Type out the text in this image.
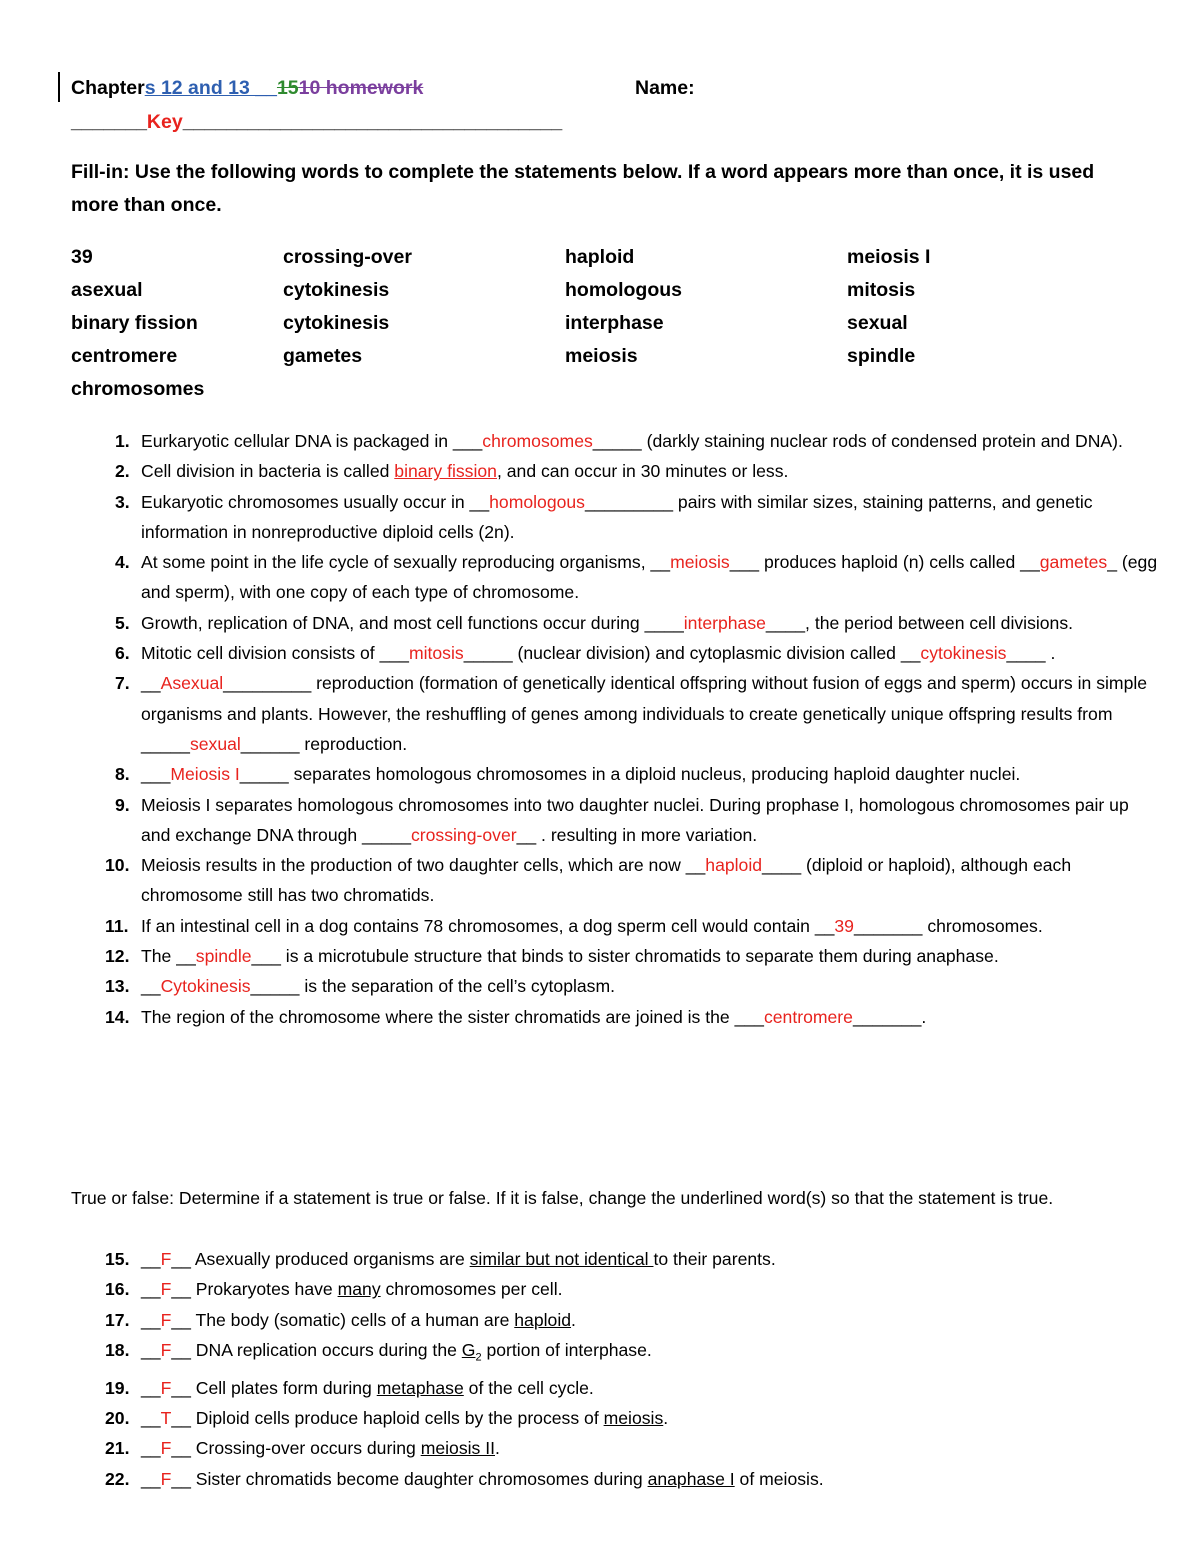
Chapters 12 and 13 __1510 homework	Name:
_______Key___________________________________
Fill-in: Use the following words to complete the statements below. If a word appears more than once, it is used more than once.
39
asexual
binary fission
centromere
chromosomes
crossing-over
cytokinesis
cytokinesis
gametes
haploid
homologous
interphase
meiosis
meiosis I
mitosis
sexual
spindle
1. Eurkaryotic cellular DNA is packaged in ___chromosomes_____ (darkly staining nuclear rods of condensed protein and DNA).
2. Cell division in bacteria is called binary fission, and can occur in 30 minutes or less.
3. Eukaryotic chromosomes usually occur in __homologous_________ pairs with similar sizes, staining patterns, and genetic information in nonreproductive diploid cells (2n).
4. At some point in the life cycle of sexually reproducing organisms, __meiosis___ produces haploid (n) cells called __gametes_ (egg and sperm), with one copy of each type of chromosome.
5. Growth, replication of DNA, and most cell functions occur during ____interphase____, the period between cell divisions.
6. Mitotic cell division consists of ___mitosis_____ (nuclear division) and cytoplasmic division called __cytokinesis____ .
7. __Asexual_________ reproduction (formation of genetically identical offspring without fusion of eggs and sperm) occurs in simple organisms and plants. However, the reshuffling of genes among individuals to create genetically unique offspring results from _____sexual______ reproduction.
8. ___Meiosis I_____ separates homologous chromosomes in a diploid nucleus, producing haploid daughter nuclei.
9. Meiosis I separates homologous chromosomes into two daughter nuclei. During prophase I, homologous chromosomes pair up and exchange DNA through _____crossing-over__ . resulting in more variation.
10. Meiosis results in the production of two daughter cells, which are now __haploid____ (diploid or haploid), although each chromosome still has two chromatids.
11. If an intestinal cell in a dog contains 78 chromosomes, a dog sperm cell would contain __39_______ chromosomes.
12. The __spindle___ is a microtubule structure that binds to sister chromatids to separate them during anaphase.
13. __Cytokinesis_____ is the separation of the cell’s cytoplasm.
14. The region of the chromosome where the sister chromatids are joined is the ___centromere_______.
True or false: Determine if a statement is true or false. If it is false, change the underlined word(s) so that the statement is true.
15. __F__ Asexually produced organisms are similar but not identical to their parents.
16. __F__ Prokaryotes have many chromosomes per cell.
17. __F__ The body (somatic) cells of a human are haploid.
18. __F__ DNA replication occurs during the $G_2$ portion of interphase.
19. __F__ Cell plates form during metaphase of the cell cycle.
20. __T__ Diploid cells produce haploid cells by the process of meiosis.
21. __F__ Crossing-over occurs during meiosis II.
22. __F__ Sister chromatids become daughter chromosomes during anaphase I of meiosis.
